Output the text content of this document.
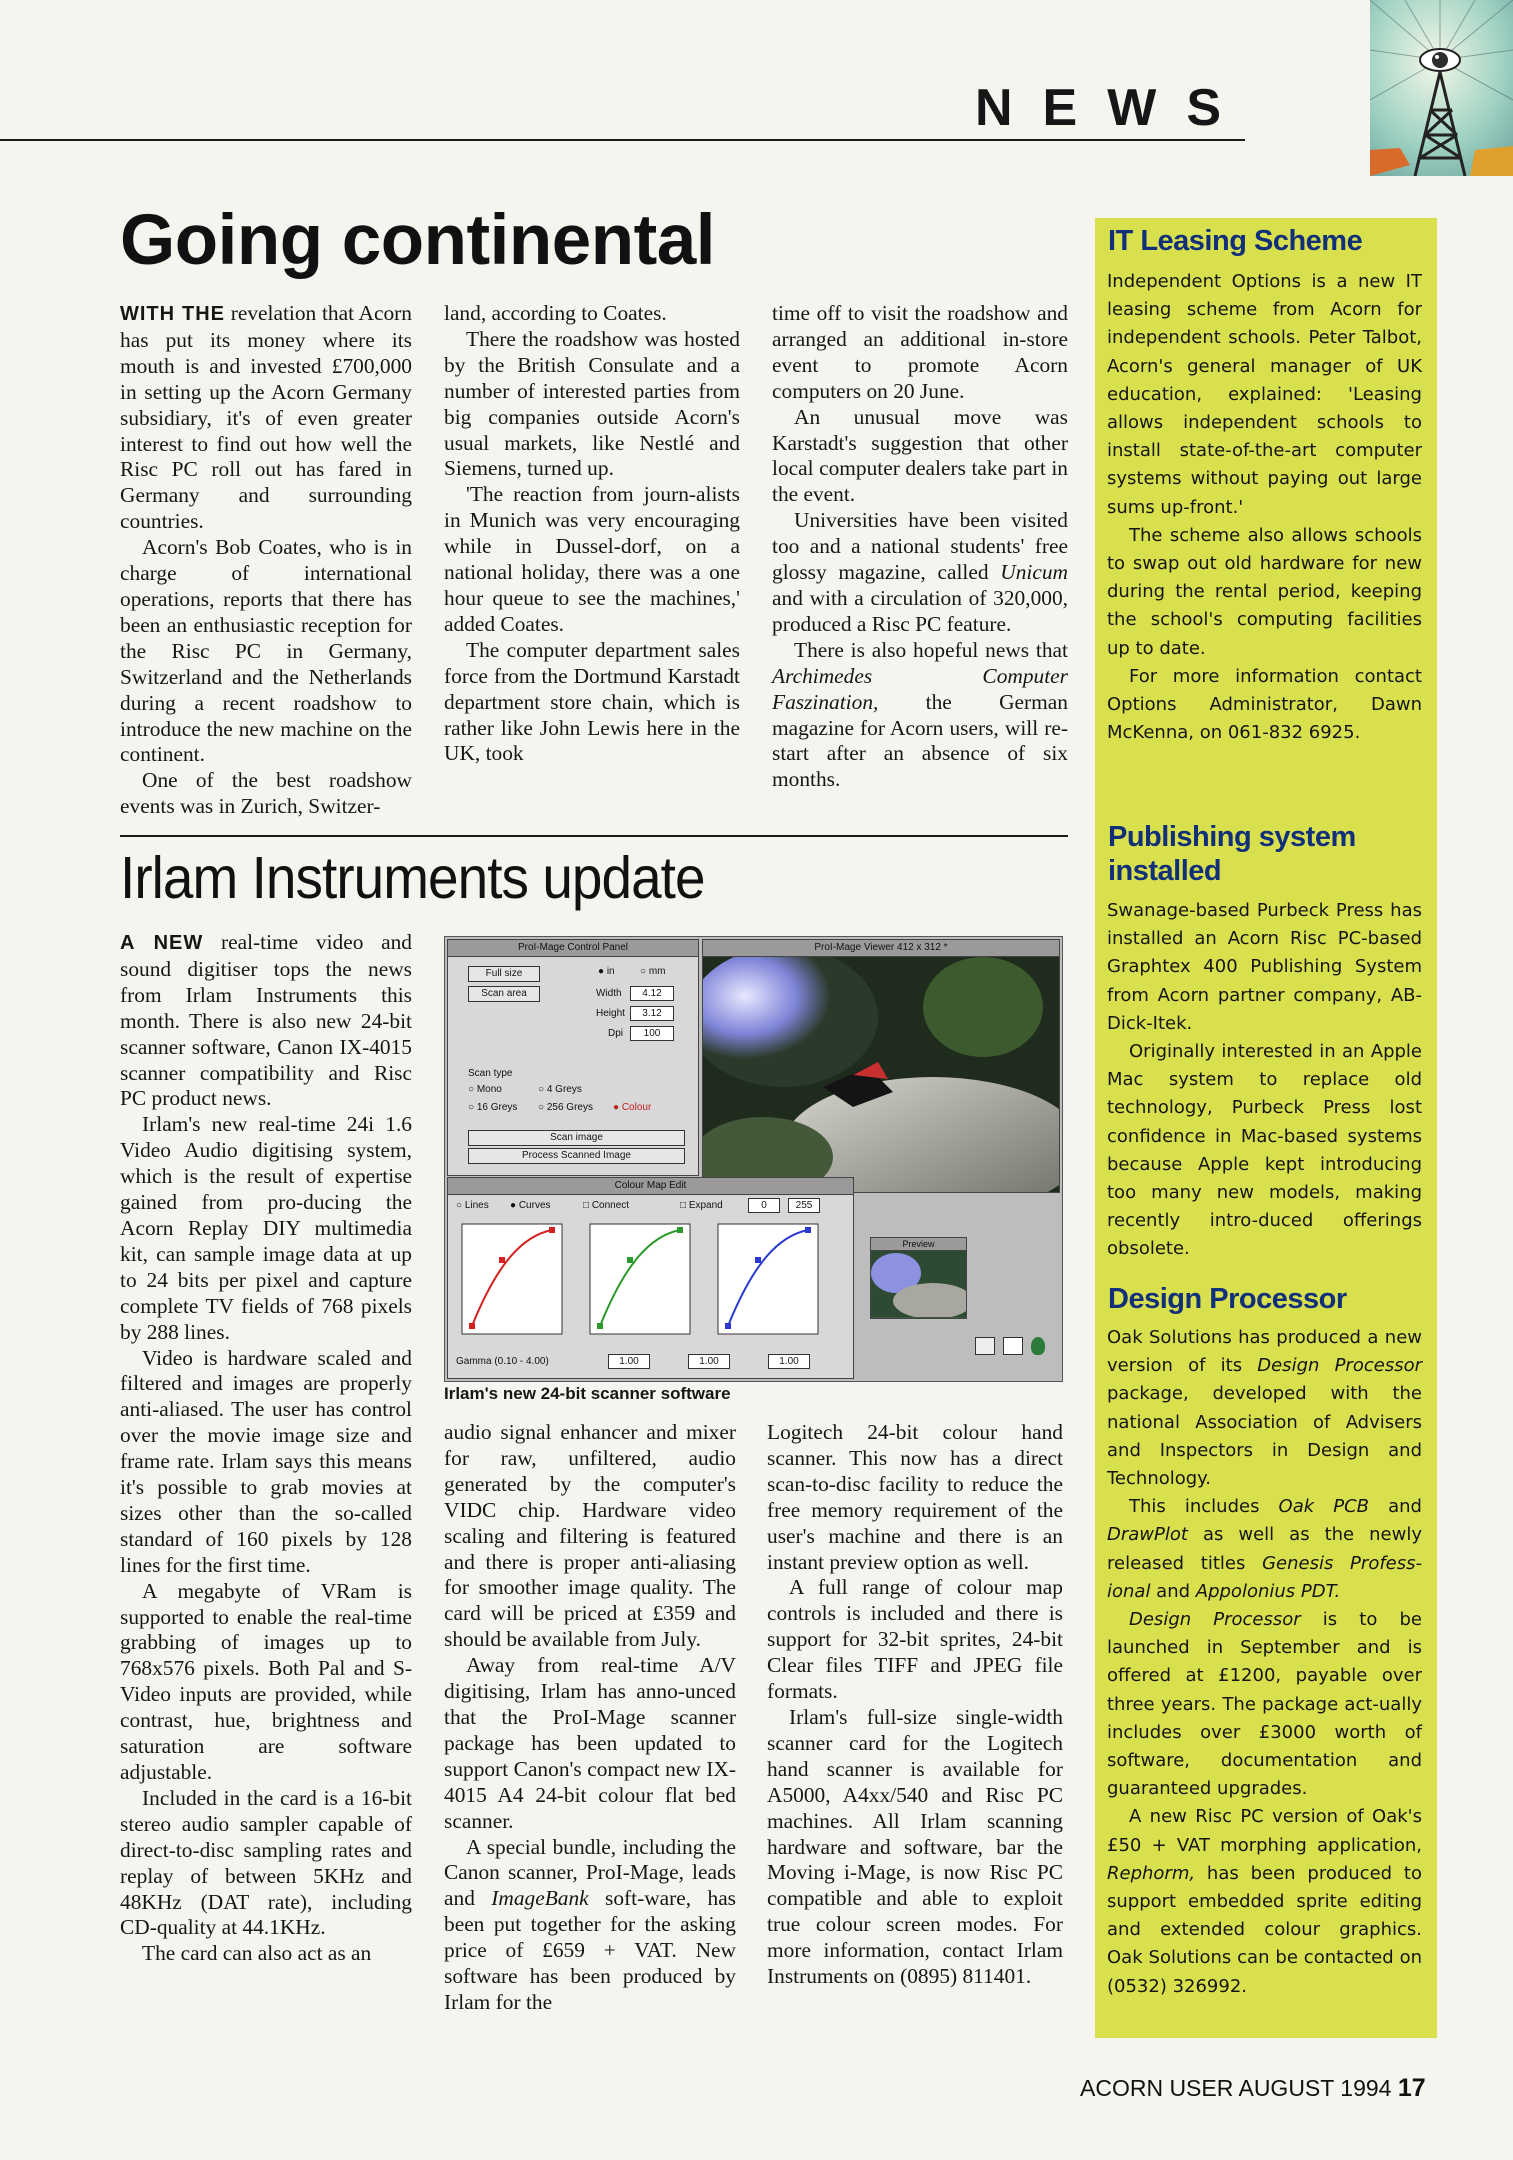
NEWS
Going continental

WITH THE revelation that Acorn has put its money where its mouth is and invested £700,000 in setting up the Acorn Germany subsidiary, it's of even greater interest to find out how well the Risc PC roll out has fared in Germany and surrounding countries.

Acorn's Bob Coates, who is in charge of international operations, reports that there has been an enthusiastic reception for the Risc PC in Germany, Switzerland and the Netherlands during a recent roadshow to introduce the new machine on the continent.

One of the best roadshow events was in Zurich, Switzer-

land, according to Coates.

There the roadshow was hosted by the British Consulate and a number of interested parties from big companies outside Acorn's usual markets, like Nestlé and Siemens, turned up.

'The reaction from journ-alists in Munich was very encouraging while in Dussel-dorf, on a national holiday, there was a one hour queue to see the machines,' added Coates.

The computer department sales force from the Dortmund Karstadt department store chain, which is rather like John Lewis here in the UK, took

time off to visit the roadshow and arranged an additional in-store event to promote Acorn computers on 20 June.

An unusual move was Karstadt's suggestion that other local computer dealers take part in the event.

Universities have been visited too and a national students' free glossy magazine, called Unicum and with a circulation of 320,000, produced a Risc PC feature.

There is also hopeful news that Archimedes Computer Faszination, the German magazine for Acorn users, will re-start after an absence of six months.

Irlam Instruments update

A NEW real-time video and sound digitiser tops the news from Irlam Instruments this month. There is also new 24-bit scanner software, Canon IX-4015 scanner compatibility and Risc PC product news.

Irlam's new real-time 24i 1.6 Video Audio digitising system, which is the result of expertise gained from pro-ducing the Acorn Replay DIY multimedia kit, can sample image data at up to 24 bits per pixel and capture complete TV fields of 768 pixels by 288 lines.

Video is hardware scaled and filtered and images are properly anti-aliased. The user has control over the movie image size and frame rate. Irlam says this means it's possible to grab movies at sizes other than the so-called standard of 160 pixels by 128 lines for the first time.

A megabyte of VRam is supported to enable the real-time grabbing of images up to 768x576 pixels. Both Pal and S-Video inputs are provided, while contrast, hue, brightness and saturation are software adjustable.

Included in the card is a 16-bit stereo audio sampler capable of direct-to-disc sampling rates and replay of between 5KHz and 48KHz (DAT rate), including CD-quality at 44.1KHz.

The card can also act as an

ProI-Mage Control Panel
Full size
Scan area
● in	○ mm
Width	4.12
Height	3.12
Dpi	100
Scan type
○ Mono	○ 4 Greys
○ 16 Greys ○ 256 Greys ● Colour
Scan image
Process Scanned Image
ProI-Mage Viewer 412 x 312 *
Colour Map Edit
○ Lines ● Curves	□ Connect	□ Expand	0	255
Gamma (0.10 - 4.00)	1.00	1.00	1.00
Preview

Irlam's new 24-bit scanner software

audio signal enhancer and mixer for raw, unfiltered, audio generated by the computer's VIDC chip. Hardware video scaling and filtering is featured and there is proper anti-aliasing for smoother image quality. The card will be priced at £359 and should be available from July.

Away from real-time A/V digitising, Irlam has anno-unced that the ProI-Mage scanner package has been updated to support Canon's compact new IX-4015 A4 24-bit colour flat bed scanner.

A special bundle, including the Canon scanner, ProI-Mage, leads and ImageBank soft-ware, has been put together for the asking price of £659 + VAT. New software has been produced by Irlam for the

Logitech 24-bit colour hand scanner. This now has a direct scan-to-disc facility to reduce the free memory requirement of the user's machine and there is an instant preview option as well.

A full range of colour map controls is included and there is support for 32-bit sprites, 24-bit Clear files TIFF and JPEG file formats.

Irlam's full-size single-width scanner card for the Logitech hand scanner is available for A5000, A4xx/540 and Risc PC machines. All Irlam scanning hardware and software, bar the Moving i-Mage, is now Risc PC compatible and able to exploit true colour screen modes. For more information, contact Irlam Instruments on (0895) 811401.

IT Leasing Scheme

Independent Options is a new IT leasing scheme from Acorn for independent schools. Peter Talbot, Acorn's general manager of UK education, explained: 'Leasing allows independent schools to install state-of-the-art computer systems without paying out large sums up-front.'

The scheme also allows schools to swap out old hardware for new during the rental period, keeping the school's computing facilities up to date.

For more information contact Options Administrator, Dawn McKenna, on 061-832 6925.

Publishing system installed

Swanage-based Purbeck Press has installed an Acorn Risc PC-based Graphtex 400 Publishing System from Acorn partner company, AB-Dick-Itek.

Originally interested in an Apple Mac system to replace old technology, Purbeck Press lost confidence in Mac-based systems because Apple kept introducing too many new models, making recently intro-duced offerings obsolete.

Design Processor

Oak Solutions has produced a new version of its Design Processor package, developed with the national Association of Advisers and Inspectors in Design and Technology.

This includes Oak PCB and DrawPlot as well as the newly released titles Genesis Profess-ional and Appolonius PDT.

Design Processor is to be launched in September and is offered at £1200, payable over three years. The package act-ually includes over £3000 worth of software, documentation and guaranteed upgrades.

A new Risc PC version of Oak's £50 + VAT morphing application, Rephorm, has been produced to support embedded sprite editing and extended colour graphics. Oak Solutions can be contacted on (0532) 326992.

ACORN USER AUGUST 1994 17
